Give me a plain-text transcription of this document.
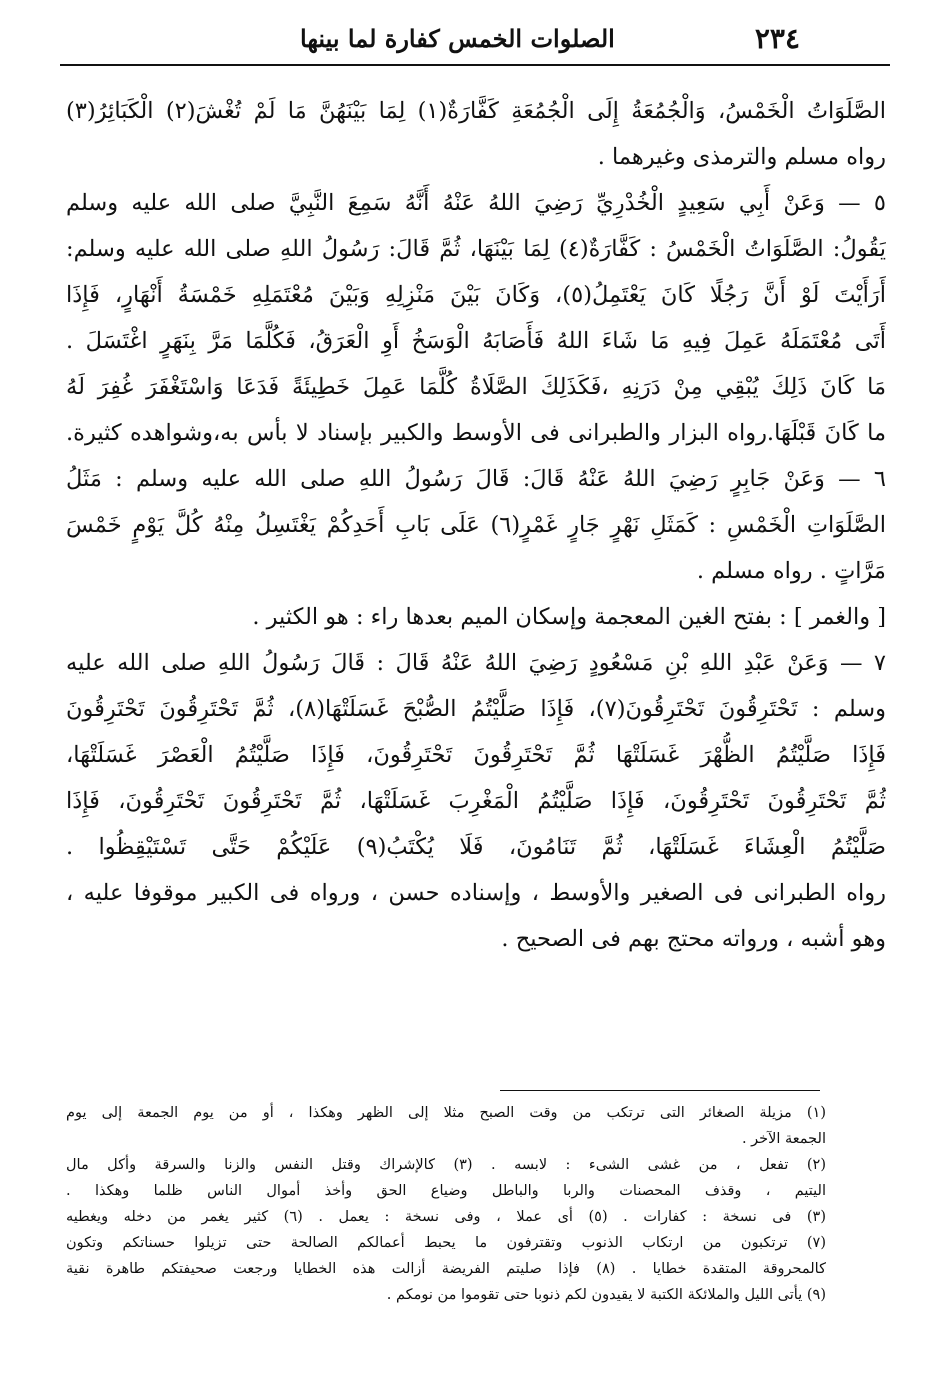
٢٣٤
الصلوات الخمس كفارة لما بينها
الصَّلَوَاتُ الْخَمْسُ، وَالْجُمُعَةُ إِلَى الْجُمُعَةِ كَفَّارَةٌ(١) لِمَا بَيْنَهُنَّ مَا لَمْ تُغْشَ(٢) الْكَبَائِرُ(٣)
رواه مسلم والترمذى وغيرهما .
٥ — وَعَنْ أَبِي سَعِيدٍ الْخُدْرِيِّ رَضِيَ اللهُ عَنْهُ أَنَّهُ سَمِعَ النَّبِيَّ صلى الله عليه وسلم
يَقُولُ: الصَّلَوَاتُ الْخَمْسُ : كَفَّارَةٌ(٤) لِمَا بَيْنَهَا، ثُمَّ قَالَ: رَسُولُ اللهِ صلى الله عليه وسلم:
أَرَأَيْتَ لَوْ أَنَّ رَجُلًا كَانَ يَعْتَمِلُ(٥)، وَكَانَ بَيْنَ مَنْزِلِهِ وَبَيْنَ مُعْتَمَلِهِ خَمْسَةُ أَنْهَارٍ، فَإِذَا
أَتَى مُعْتَمَلَهُ عَمِلَ فِيهِ مَا شَاءَ اللهُ فَأَصَابَهُ الْوَسَخُ أَوِ الْعَرَقُ، فَكُلَّمَا مَرَّ بِنَهَرٍ اغْتَسَلَ .
مَا كَانَ ذَلِكَ يُبْقِي مِنْ دَرَنِهِ ،فَكَذَلِكَ الصَّلَاةُ كُلَّمَا عَمِلَ خَطِيئَةً فَدَعَا وَاسْتَغْفَرَ غُفِرَ لَهُ
ما كَانَ قَبْلَهَا.رواه البزار والطبرانى فى الأوسط والكبير بإسناد لا بأس به،وشواهده كثيرة.
٦ — وَعَنْ جَابِرٍ رَضِيَ اللهُ عَنْهُ قَالَ: قَالَ رَسُولُ اللهِ صلى الله عليه وسلم : مَثَلُ
الصَّلَوَاتِ الْخَمْسِ : كَمَثَلِ نَهْرٍ جَارٍ غَمْرٍ(٦) عَلَى بَابِ أَحَدِكُمْ يَغْتَسِلُ مِنْهُ كُلَّ يَوْمٍ خَمْسَ
مَرَّاتٍ . رواه مسلم .
[ والغمر ] : بفتح الغين المعجمة وإسكان الميم بعدها راء : هو الكثير .
٧ — وَعَنْ عَبْدِ اللهِ بْنِ مَسْعُودٍ رَضِيَ اللهُ عَنْهُ قَالَ : قَالَ رَسُولُ اللهِ صلى الله عليه
وسلم : تَحْتَرِقُونَ تَحْتَرِقُونَ(٧)، فَإِذَا صَلَّيْتُمُ الصُّبْحَ غَسَلَتْهَا(٨)، ثُمَّ تَحْتَرِقُونَ تَحْتَرِقُونَ
فَإِذَا صَلَّيْتُمُ الظُّهْرَ غَسَلَتْهَا ثُمَّ تَحْتَرِقُونَ تَحْتَرِقُونَ، فَإِذَا صَلَّيْتُمُ الْعَصْرَ غَسَلَتْهَا،
ثُمَّ تَحْتَرِقُونَ تَحْتَرِقُونَ، فَإِذَا صَلَّيْتُمُ الْمَغْرِبَ غَسَلَتْهَا، ثُمَّ تَحْتَرِقُونَ تَحْتَرِقُونَ، فَإِذَا
صَلَّيْتُمُ الْعِشَاءَ غَسَلَتْهَا، ثُمَّ تَنَامُونَ، فَلَا يُكْتَبُ(٩) عَلَيْكُمْ حَتَّى تَسْتَيْقِظُوا .
رواه الطبرانى فى الصغير والأوسط ، وإسناده حسن ، ورواه فى الكبير موقوفا عليه ،
وهو أشبه ، ورواته محتج بهم فى الصحيح .
(١) مزيلة الصغائر التى ترتكب من وقت الصبح مثلا إلى الظهر وهكذا ، أو من يوم الجمعة إلى يوم
الجمعة الآخر .
(٢) تفعل ، من غشى الشىء : لابسه . (٣) كالإشراك وقتل النفس والزنا والسرقة وأكل مال
اليتيم ، وقذف المحصنات والربا والباطل وضياع الحق وأخذ أموال الناس ظلما وهكذا .
(٣) فى نسخة : كفارات . (٥) أى عملا ، وفى نسخة : يعمل . (٦) كثير يغمر من دخله ويغطيه
(٧) ترتكبون من ارتكاب الذنوب وتقترفون ما يحبط أعمالكم الصالحة حتى تزيلوا حسناتكم وتكون
كالمحروقة المتقدة خطايا . (٨) فإذا صليتم الفريضة أزالت هذه الخطايا ورجعت صحيفتكم طاهرة نقية
(٩) يأتى الليل والملائكة الكتبة لا يقيدون لكم ذنوبا حتى تقوموا من نومكم .
